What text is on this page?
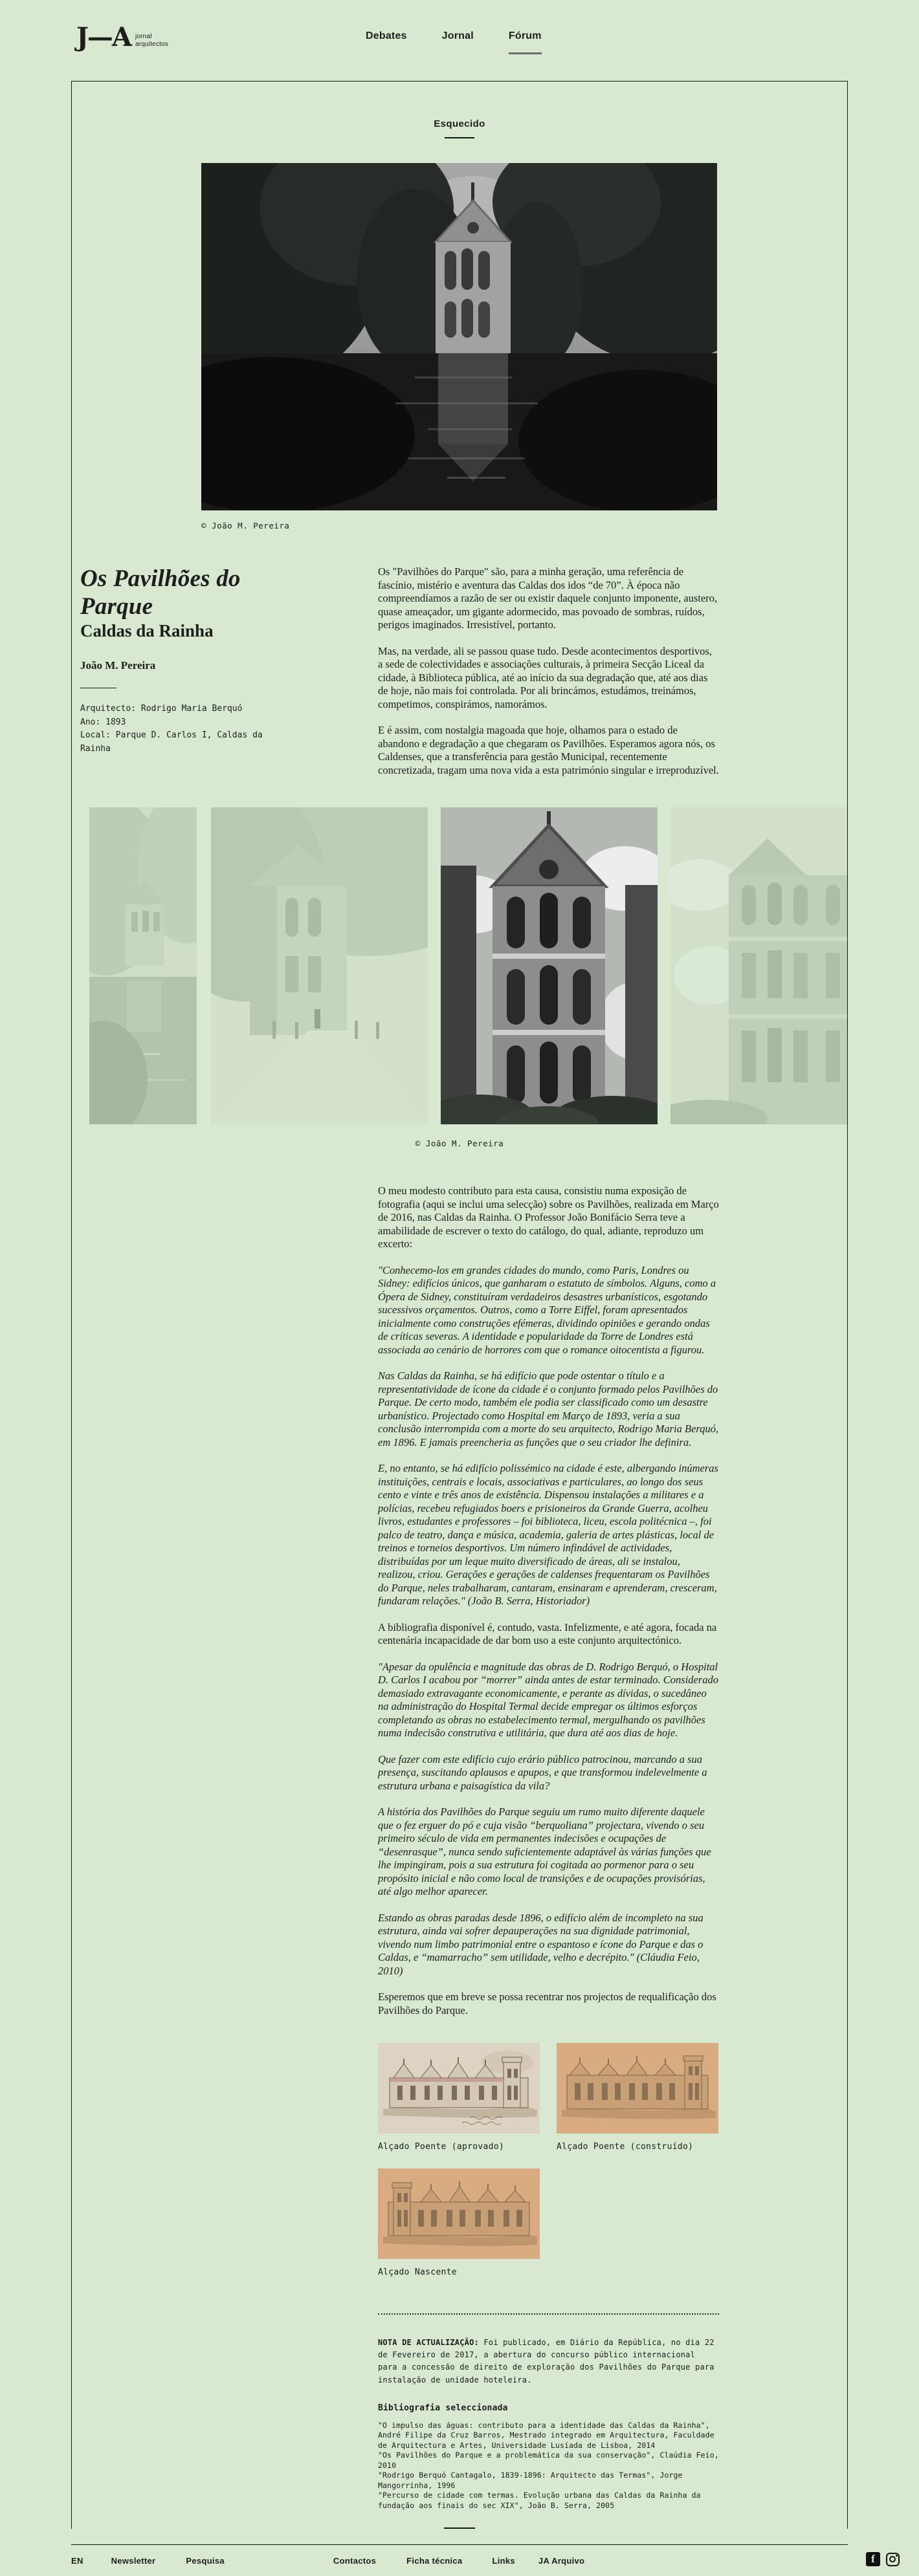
J—A jornal
arquitectos
Debates	Jornal	Fórum
Esquecido
© João M. Pereira
Os Pavilhões do Parque
Caldas da Rainha
João M. Pereira
Arquitecto: Rodrigo Maria Berquó
Ano: 1893
Local: Parque D. Carlos I, Caldas da Rainha

Os "Pavilhões do Parque" são, para a minha geração, uma referência de fascínio, mistério e aventura das Caldas dos idos “de 70”. À época não compreendíamos a razão de ser ou existir daquele conjunto imponente, austero, quase ameaçador, um gigante adormecido, mas povoado de sombras, ruídos, perigos imaginados. Irresistível, portanto.

Mas, na verdade, ali se passou quase tudo. Desde acontecimentos desportivos, a sede de colectividades e associações culturais, à primeira Secção Liceal da cidade, à Biblioteca pública, até ao início da sua degradação que, até aos dias de hoje, não mais foi controlada. Por ali brincámos, estudámos, treinámos, competimos, conspirámos, namorámos.

E é assim, com nostalgia magoada que hoje, olhamos para o estado de abandono e degradação a que chegaram os Pavilhões. Esperamos agora nós, os Caldenses, que a transferência para gestão Municipal, recentemente concretizada, tragam uma nova vida a esta património singular e irreproduzível.

© João M. Pereira

O meu modesto contributo para esta causa, consistiu numa exposição de fotografia (aqui se inclui uma selecção) sobre os Pavilhões, realizada em Março de 2016, nas Caldas da Rainha. O Professor João Bonifácio Serra teve a amabilidade de escrever o texto do catálogo, do qual, adiante, reproduzo um excerto:

"Conhecemo-los em grandes cidades do mundo, como Paris, Londres ou Sidney: edifícios únicos, que ganharam o estatuto de símbolos. Alguns, como a Ópera de Sidney, constituíram verdadeiros desastres urbanísticos, esgotando sucessivos orçamentos. Outros, como a Torre Eiffel, foram apresentados inicialmente como construções efémeras, dividindo opiniões e gerando ondas de críticas severas. A identidade e popularidade da Torre de Londres está associada ao cenário de horrores com que o romance oitocentista a figurou.

Nas Caldas da Rainha, se há edifício que pode ostentar o título e a representatividade de ícone da cidade é o conjunto formado pelos Pavilhões do Parque. De certo modo, também ele podia ser classificado como um desastre urbanístico. Projectado como Hospital em Março de 1893, veria a sua conclusão interrompida com a morte do seu arquitecto, Rodrigo Maria Berquó, em 1896. E jamais preencheria as funções que o seu criador lhe definira.

E, no entanto, se há edifício polissémico na cidade é este, albergando inúmeras instituições, centrais e locais, associativas e particulares, ao longo dos seus cento e vinte e três anos de existência. Dispensou instalações a militares e a polícias, recebeu refugiados boers e prisioneiros da Grande Guerra, acolheu livros, estudantes e professores – foi biblioteca, liceu, escola politécnica –, foi palco de teatro, dança e música, academia, galeria de artes plásticas, local de treinos e torneios desportivos. Um número infindável de actividades, distribuídas por um leque muito diversificado de áreas, ali se instalou, realizou, criou. Gerações e gerações de caldenses frequentaram os Pavilhões do Parque, neles trabalharam, cantaram, ensinaram e aprenderam, cresceram, fundaram relações." (João B. Serra, Historiador)

A bibliografia disponível é, contudo, vasta. Infelizmente, e até agora, focada na centenária incapacidade de dar bom uso a este conjunto arquitectónico.

"Apesar da opulência e magnitude das obras de D. Rodrigo Berquó, o Hospital D. Carlos I acabou por “morrer” ainda antes de estar terminado. Considerado demasiado extravagante economicamente, e perante as dívidas, o sucedâneo na administração do Hospital Termal decide empregar os últimos esforços completando as obras no estabelecimento termal, mergulhando os pavilhões numa indecisão construtiva e utilitária, que dura até aos dias de hoje.

Que fazer com este edifício cujo erário público patrocinou, marcando a sua presença, suscitando aplausos e apupos, e que transformou indelevelmente a estrutura urbana e paisagística da vila?

A história dos Pavilhões do Parque seguiu um rumo muito diferente daquele que o fez erguer do pó e cuja visão “berquoliana” projectara, vivendo o seu primeiro século de vida em permanentes indecisões e ocupações de “desenrasque”, nunca sendo suficientemente adaptável às várias funções que lhe impingiram, pois a sua estrutura foi cogitada ao pormenor para o seu propósito inicial e não como local de transições e de ocupações provisórias, até algo melhor aparecer.

Estando as obras paradas desde 1896, o edifício além de incompleto na sua estrutura, ainda vai sofrer depauperações na sua dignidade patrimonial, vivendo num limbo patrimonial entre o espantoso e ícone do Parque e das o Caldas, e “mamarracho” sem utilidade, velho e decrépito." (Cláudia Feio, 2010)

Esperemos que em breve se possa recentrar nos projectos de requalificação dos Pavilhões do Parque.

Alçado Poente (aprovado)	Alçado Poente (construído)
Alçado Nascente

NOTA DE ACTUALIZAÇÃO: Foi publicado, em Diário da República, no dia 22 de Fevereiro de 2017, a abertura do concurso público internacional para a concessão de direito de exploração dos Pavilhões do Parque para instalação de unidade hoteleira.

Bibliografia seleccionada
"O impulso das águas: contributo para a identidade das Caldas da Rainha", André Filipe da Cruz Barros, Mestrado integrado em Arquitectura, Faculdade de Arquitectura e Artes, Universidade Lusíada de Lisboa, 2014
"Os Pavilhões do Parque e a problemática da sua conservação", Claúdia Feio, 2010
"Rodrigo Berquó Cantagalo, 1839-1896: Arquitecto das Termas", Jorge Mangorrinha, 1996
"Percurso de cidade com termas. Evolução urbana das Caldas da Rainha da fundação aos finais do sec XIX", João B. Serra, 2005
EN	Newsletter	Pesquisa	Contactos	Ficha técnica	Links	JA Arquivo	f
